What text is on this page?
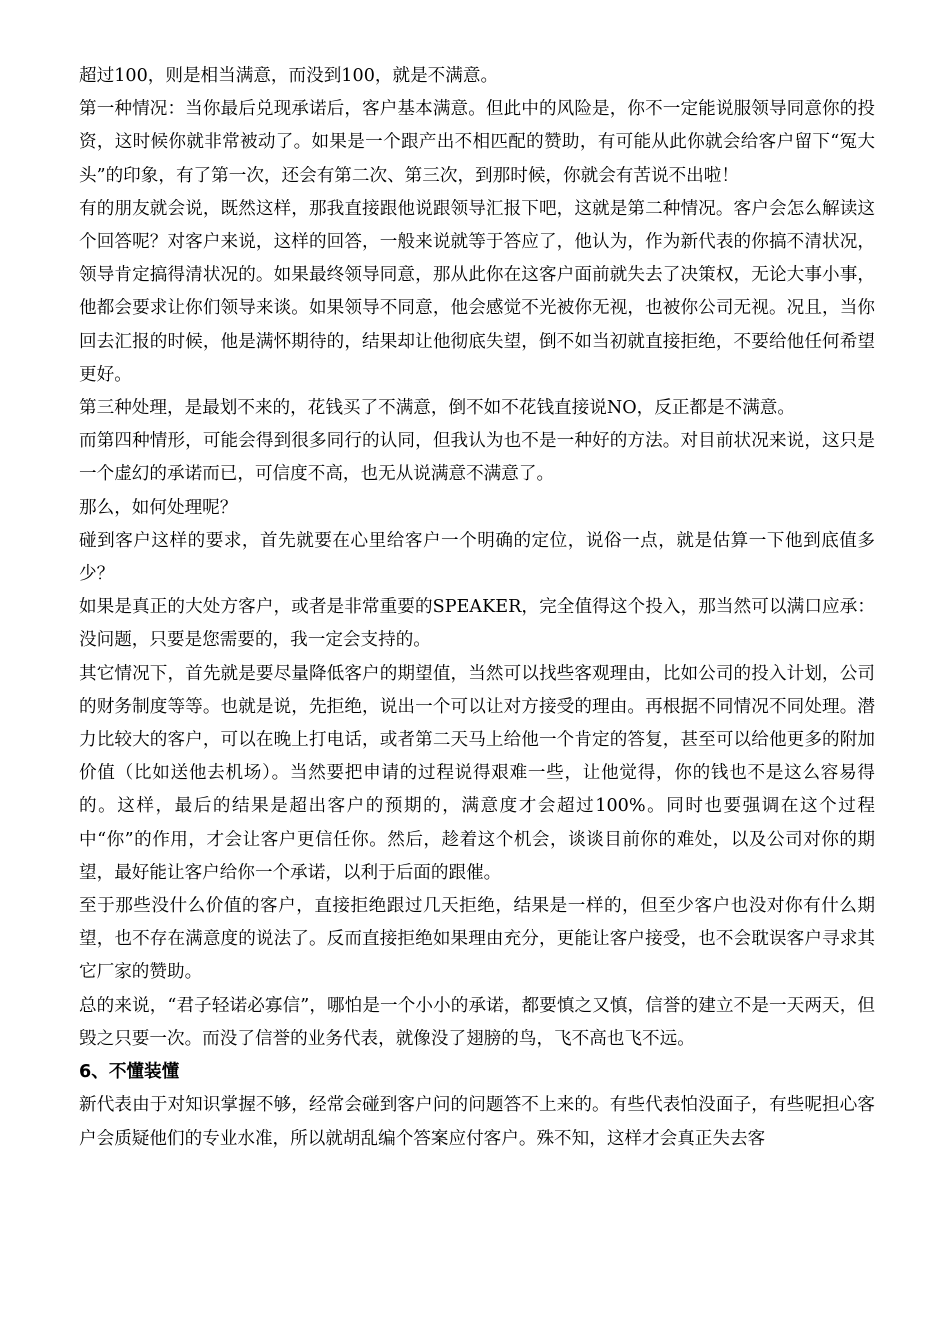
超过100，则是相当满意，而没到100，就是不满意。

第一种情况：当你最后兑现承诺后，客户基本满意。但此中的风险是，你不一定能说服领导同意你的投资，这时候你就非常被动了。如果是一个跟产出不相匹配的赞助，有可能从此你就会给客户留下“冤大头”的印象，有了第一次，还会有第二次、第三次，到那时候，你就会有苦说不出啦！

有的朋友就会说，既然这样，那我直接跟他说跟领导汇报下吧，这就是第二种情况。客户会怎么解读这个回答呢？对客户来说，这样的回答，一般来说就等于答应了，他认为，作为新代表的你搞不清状况，领导肯定搞得清状况的。如果最终领导同意，那从此你在这客户面前就失去了决策权，无论大事小事，他都会要求让你们领导来谈。如果领导不同意，他会感觉不光被你无视，也被你公司无视。况且，当你回去汇报的时候，他是满怀期待的，结果却让他彻底失望，倒不如当初就直接拒绝，不要给他任何希望更好。

第三种处理，是最划不来的，花钱买了不满意，倒不如不花钱直接说NO，反正都是不满意。

而第四种情形，可能会得到很多同行的认同，但我认为也不是一种好的方法。对目前状况来说，这只是一个虚幻的承诺而已，可信度不高，也无从说满意不满意了。

那么，如何处理呢？

碰到客户这样的要求，首先就要在心里给客户一个明确的定位，说俗一点，就是估算一下他到底值多少？

如果是真正的大处方客户，或者是非常重要的SPEAKER，完全值得这个投入，那当然可以满口应承：没问题，只要是您需要的，我一定会支持的。

其它情况下，首先就是要尽量降低客户的期望值，当然可以找些客观理由，比如公司的投入计划，公司的财务制度等等。也就是说，先拒绝，说出一个可以让对方接受的理由。再根据不同情况不同处理。潜力比较大的客户，可以在晚上打电话，或者第二天马上给他一个肯定的答复，甚至可以给他更多的附加价值（比如送他去机场）。当然要把申请的过程说得艰难一些，让他觉得，你的钱也不是这么容易得的。这样，最后的结果是超出客户的预期的，满意度才会超过100%。同时也要强调在这个过程中“你”的作用，才会让客户更信任你。然后，趁着这个机会，谈谈目前你的难处，以及公司对你的期望，最好能让客户给你一个承诺，以利于后面的跟催。

至于那些没什么价值的客户，直接拒绝跟过几天拒绝，结果是一样的，但至少客户也没对你有什么期望，也不存在满意度的说法了。反而直接拒绝如果理由充分，更能让客户接受，也不会耽误客户寻求其它厂家的赞助。

总的来说，“君子轻诺必寡信”，哪怕是一个小小的承诺，都要慎之又慎，信誉的建立不是一天两天，但毁之只要一次。而没了信誉的业务代表，就像没了翅膀的鸟，飞不高也飞不远。

6、不懂装懂

新代表由于对知识掌握不够，经常会碰到客户问的问题答不上来的。有些代表怕没面子，有些呢担心客户会质疑他们的专业水准，所以就胡乱编个答案应付客户。殊不知，这样才会真正失去客
